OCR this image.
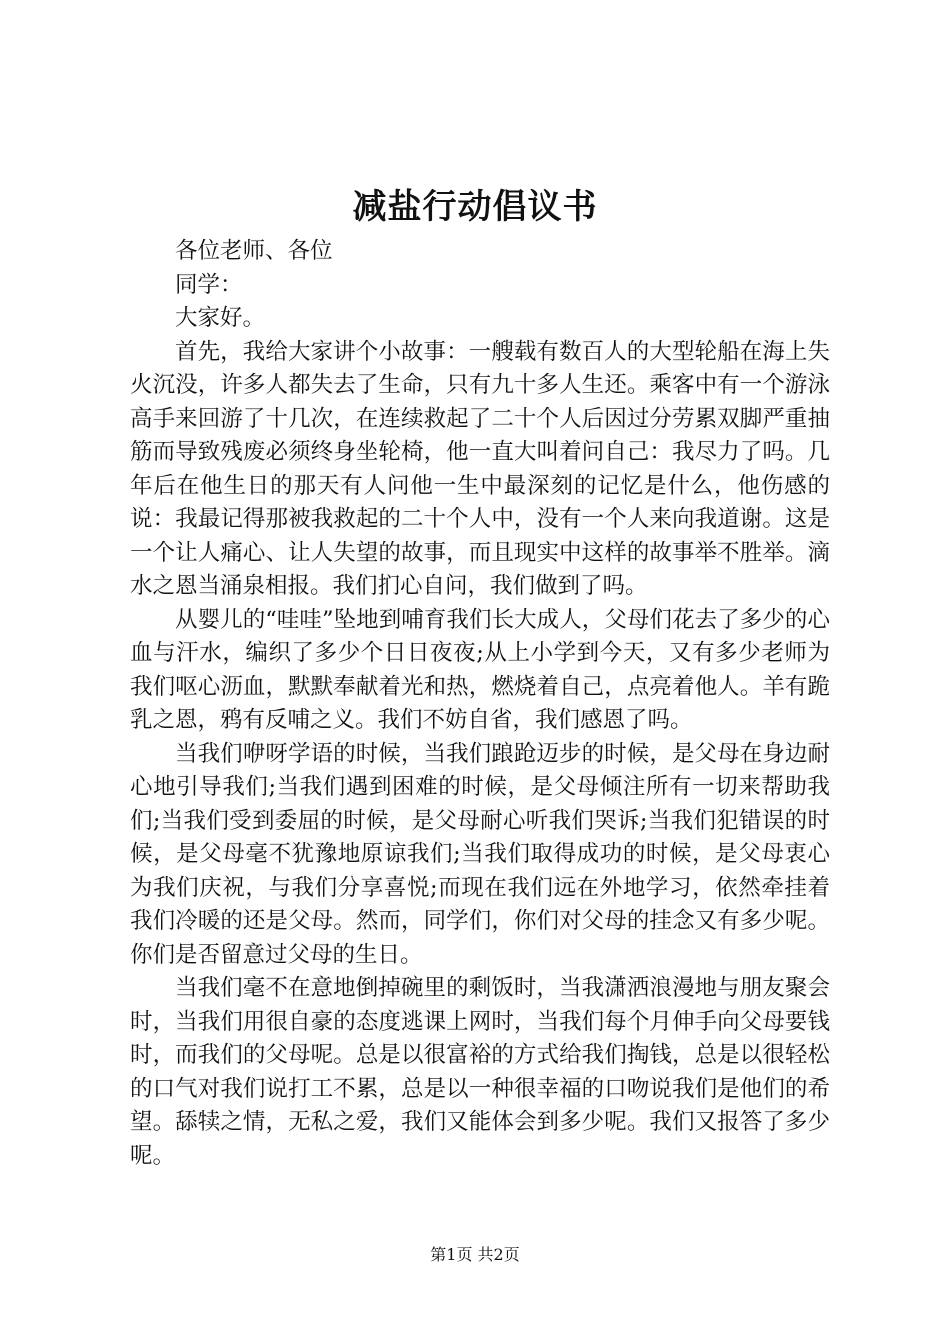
减盐行动倡议书

各位老师、各位

同学：

大家好。

首先，我给大家讲个小故事：一艘载有数百人的大型轮船在海上失火沉没，许多人都失去了生命，只有九十多人生还。乘客中有一个游泳高手来回游了十几次，在连续救起了二十个人后因过分劳累双脚严重抽筋而导致残废必须终身坐轮椅，他一直大叫着问自己：我尽力了吗。几年后在他生日的那天有人问他一生中最深刻的记忆是什么，他伤感的说：我最记得那被我救起的二十个人中，没有一个人来向我道谢。这是一个让人痛心、让人失望的故事，而且现实中这样的故事举不胜举。滴水之恩当涌泉相报。我们扪心自问，我们做到了吗。

从婴儿的“哇哇”坠地到哺育我们长大成人，父母们花去了多少的心血与汗水，编织了多少个日日夜夜;从上小学到今天，又有多少老师为我们呕心沥血，默默奉献着光和热，燃烧着自己，点亮着他人。羊有跪乳之恩，鸦有反哺之义。我们不妨自省，我们感恩了吗。

当我们咿呀学语的时候，当我们踉跄迈步的时候，是父母在身边耐心地引导我们;当我们遇到困难的时候，是父母倾注所有一切来帮助我们;当我们受到委屈的时候，是父母耐心听我们哭诉;当我们犯错误的时候，是父母毫不犹豫地原谅我们;当我们取得成功的时候，是父母衷心为我们庆祝，与我们分享喜悦;而现在我们远在外地学习，依然牵挂着我们冷暖的还是父母。然而，同学们，你们对父母的挂念又有多少呢。你们是否留意过父母的生日。

当我们毫不在意地倒掉碗里的剩饭时，当我潇洒浪漫地与朋友聚会时，当我们用很自豪的态度逃课上网时，当我们每个月伸手向父母要钱时，而我们的父母呢。总是以很富裕的方式给我们掏钱，总是以很轻松的口气对我们说打工不累，总是以一种很幸福的口吻说我们是他们的希望。舔犊之情，无私之爱，我们又能体会到多少呢。我们又报答了多少呢。

第1页 共2页
